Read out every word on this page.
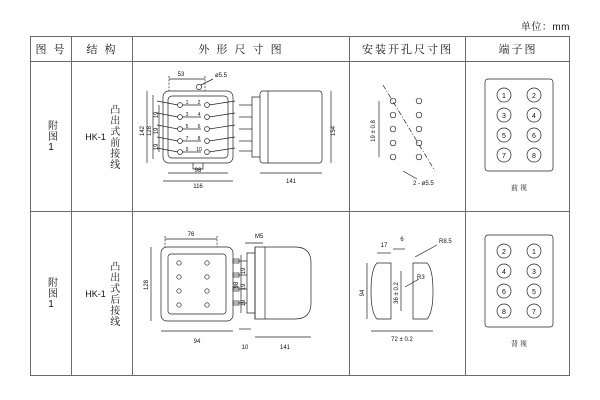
单位：mm
图 号	结 构	外 形 尺 寸 图	安装开孔尺寸图	端子图
附图1	HK-1 凸出式前接线
53	ø5.5
142 128
19
19
19
98
116
154
141
1 2
3 4
5 6
7 8
9 10
19 ± 0.8
2 - ø5.5
1	2
3	4
5	6
7	8
前 视
附图1	HK-1 凸出式后接线
76
128
94
M5
98
19
19
19
10	141
17
6	R8.5
R3
94	36 ± 0.2
72 ± 0.2
2	1
4	3
6	5
8	7
背 视
